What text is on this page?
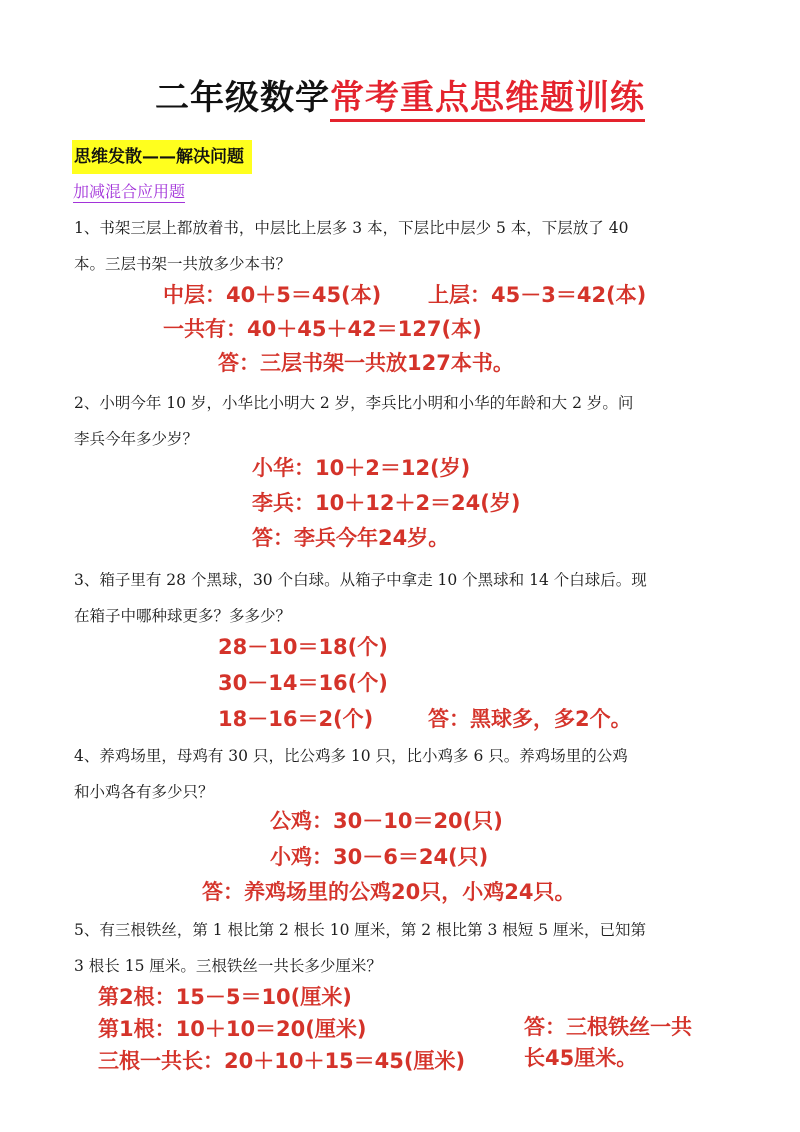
二年级数学常考重点思维题训练
思维发散——解决问题
加减混合应用题
1、书架三层上都放着书，中层比上层多 3 本，下层比中层少 5 本，下层放了 40
本。三层书架一共放多少本书？
中层：40＋5＝45(本) 上层：45－3＝42(本)
一共有：40＋45＋42＝127(本)
答：三层书架一共放127本书。
2、小明今年 10 岁，小华比小明大 2 岁，李兵比小明和小华的年龄和大 2 岁。问
李兵今年多少岁？
小华：10＋2＝12(岁)
李兵：10＋12＋2＝24(岁)
答：李兵今年24岁。
3、箱子里有 28 个黑球，30 个白球。从箱子中拿走 10 个黑球和 14 个白球后。现
在箱子中哪种球更多？多多少？
28－10＝18(个)
30－14＝16(个)
18－16＝2(个)	答：黑球多，多2个。
4、养鸡场里，母鸡有 30 只，比公鸡多 10 只，比小鸡多 6 只。养鸡场里的公鸡
和小鸡各有多少只？
公鸡：30－10＝20(只)
小鸡：30－6＝24(只)
答：养鸡场里的公鸡20只，小鸡24只。
5、有三根铁丝，第 1 根比第 2 根长 10 厘米，第 2 根比第 3 根短 5 厘米，已知第
3 根长 15 厘米。三根铁丝一共长多少厘米？
第2根：15－5＝10(厘米)
第1根：10＋10＝20(厘米)
三根一共长：20＋10＋15＝45(厘米)
答：三根铁丝一共
长45厘米。
